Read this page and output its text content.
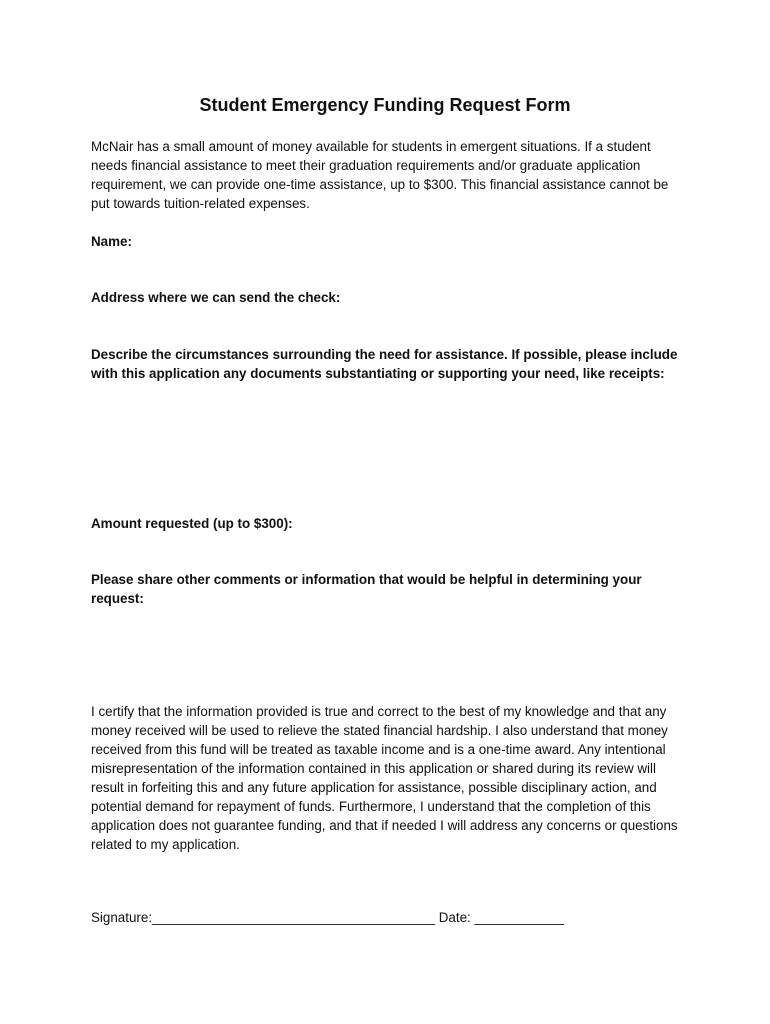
Student Emergency Funding Request Form
McNair has a small amount of money available for students in emergent situations. If a student needs financial assistance to meet their graduation requirements and/or graduate application requirement, we can provide one-time assistance, up to $300. This financial assistance cannot be put towards tuition-related expenses.
Name:
Address where we can send the check:
Describe the circumstances surrounding the need for assistance. If possible, please include with this application any documents substantiating or supporting your need, like receipts:
Amount requested (up to $300):
Please share other comments or information that would be helpful in determining your request:
I certify that the information provided is true and correct to the best of my knowledge and that any money received will be used to relieve the stated financial hardship. I also understand that money received from this fund will be treated as taxable income and is a one-time award. Any intentional misrepresentation of the information contained in this application or shared during its review will result in forfeiting this and any future application for assistance, possible disciplinary action, and potential demand for repayment of funds. Furthermore, I understand that the completion of this application does not guarantee funding, and that if needed I will address any concerns or questions related to my application.
Signature:______________________________________ Date: ____________
